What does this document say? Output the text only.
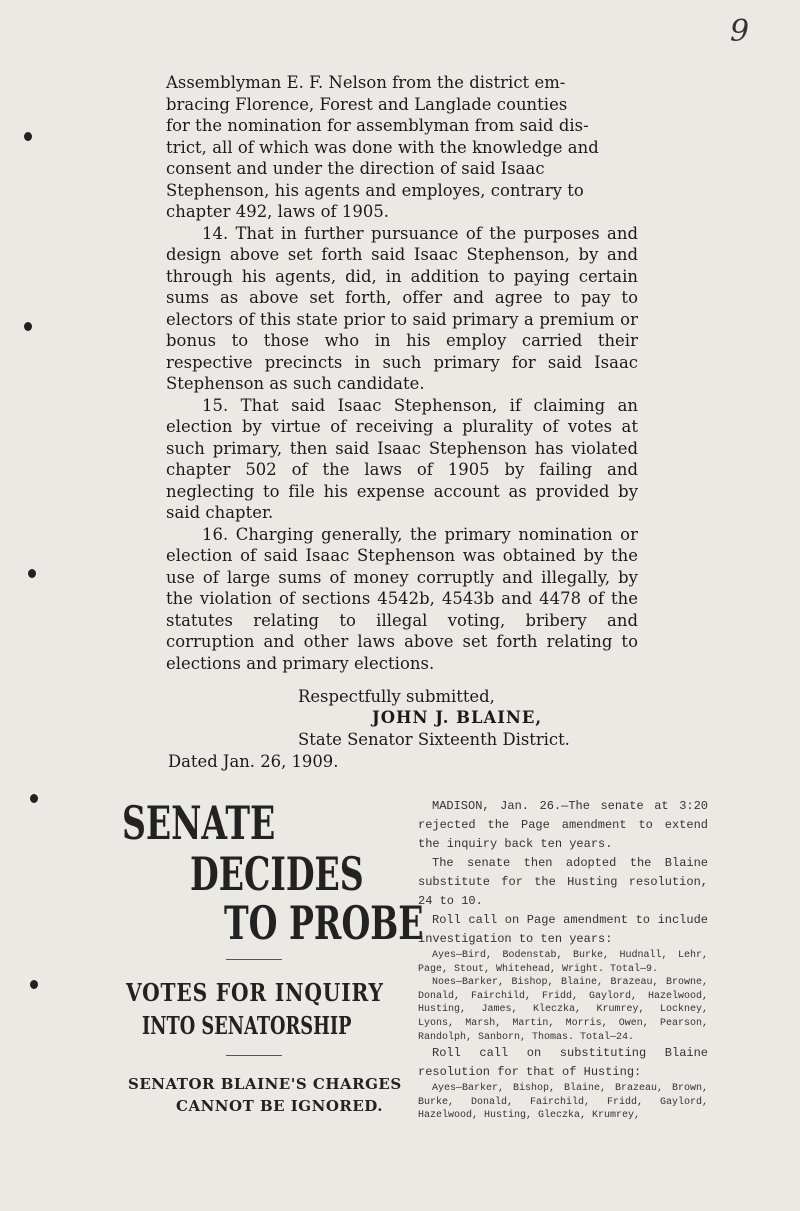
9

Assemblyman E. F. Nelson from the district em-

bracing Florence, Forest and Langlade counties

for the nomination for assemblyman from said dis-

trict, all of which was done with the knowledge and

consent and under the direction of said Isaac

Stephenson, his agents and employes, contrary to

chapter 492, laws of 1905.

14. That in further pursuance of the purposes and design above set forth said Isaac Stephenson, by and through his agents, did, in addition to paying certain sums as above set forth, offer and agree to pay to electors of this state prior to said primary a premium or bonus to those who in his employ carried their respective precincts in such primary for said Isaac Stephenson as such candidate.

15. That said Isaac Stephenson, if claiming an election by virtue of receiving a plurality of votes at such primary, then said Isaac Stephenson has violated chapter 502 of the laws of 1905 by failing and neglecting to file his expense account as provided by said chapter.

16. Charging generally, the primary nomination or election of said Isaac Stephenson was obtained by the use of large sums of money corruptly and illegally, by the violation of sections 4542b, 4543b and 4478 of the statutes relating to illegal voting, bribery and corruption and other laws above set forth relating to elections and primary elections.

Respectfully submitted,
JOHN J. BLAINE,
State Senator Sixteenth District.
Dated Jan. 26, 1909.
SENATE
DECIDES
TO PROBE
VOTES FOR INQUIRY
INTO SENATORSHIP
SENATOR BLAINE'S CHARGES
CANNOT BE IGNORED.

MADISON, Jan. 26.—The senate at 3:20 rejected the Page amendment to extend the inquiry back ten years.

The senate then adopted the Blaine substitute for the Husting resolution, 24 to 10.

Roll call on Page amendment to include investigation to ten years:

Ayes—Bird, Bodenstab, Burke, Hudnall, Lehr, Page, Stout, Whitehead, Wright. Total—9.

Noes—Barker, Bishop, Blaine, Brazeau, Browne, Donald, Fairchild, Fridd, Gaylord, Hazelwood, Husting, James, Kleczka, Krumrey, Lockney, Lyons, Marsh, Martin, Morris, Owen, Pearson, Randolph, Sanborn, Thomas. Total—24.

Roll call on substituting Blaine resolution for that of Husting:

Ayes—Barker, Bishop, Blaine, Brazeau, Brown, Burke, Donald, Fairchild, Fridd, Gaylord, Hazelwood, Husting, Gleczka, Krumrey,
